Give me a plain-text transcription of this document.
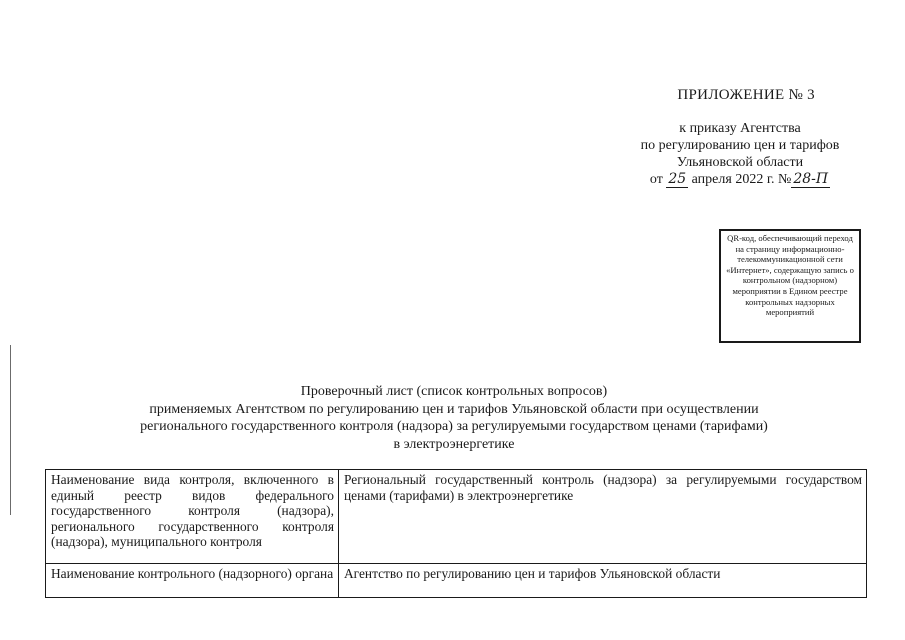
ПРИЛОЖЕНИЕ № 3
к приказу Агентства
по регулированию цен и тарифов
Ульяновской области
от 25 апреля 2022 г. № 28-П
QR-код, обеспечивающий переход на страницу информационно-телекоммуникационной сети «Интернет», содержащую запись о контрольном (надзорном) мероприятии в Едином реестре контрольных надзорных мероприятий
Проверочный лист (список контрольных вопросов)
применяемых Агентством по регулированию цен и тарифов Ульяновской области при осуществлении
регионального государственного контроля (надзора) за регулируемыми государством ценами (тарифами)
в электроэнергетике
Наименование вида контроля, включенного в единый реестр видов федерального государственного контроля (надзора), регионального государственного контроля (надзора), муниципального контроля	Региональный государственный контроль (надзора) за регулируемыми государством ценами (тарифами) в электроэнергетике
Наименование контрольного (надзорного) органа	Агентство по регулированию цен и тарифов Ульяновской области
